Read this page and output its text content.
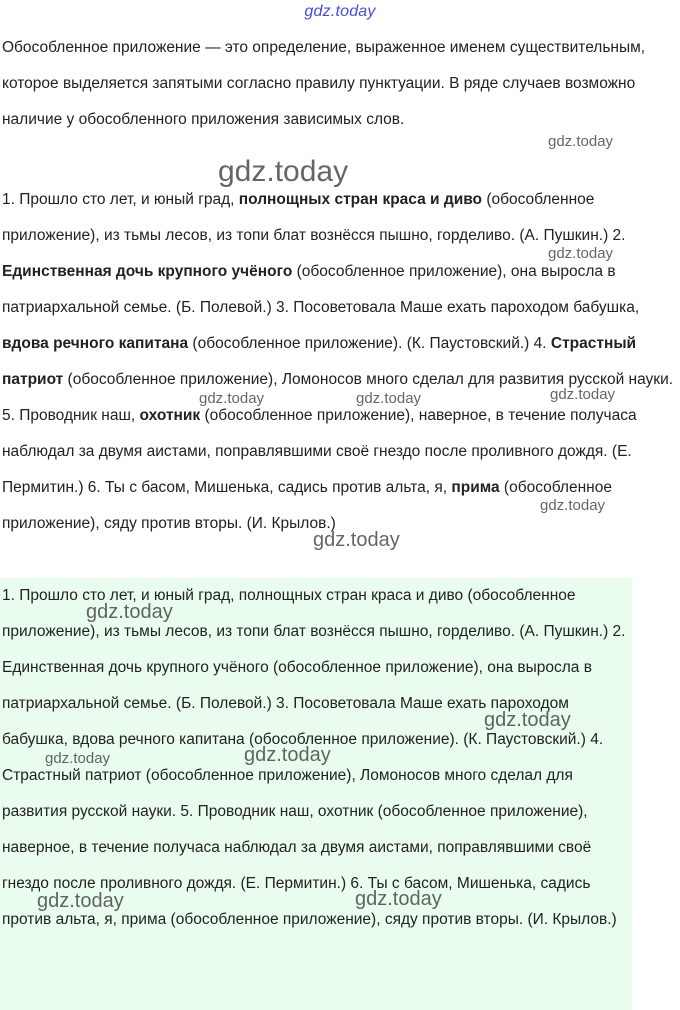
gdz.today

Обособленное приложение — это определение, выраженное именем существительным, которое выделяется запятыми согласно правилу пунктуации. В ряде случаев возможно наличие у обособленного приложения зависимых слов.

1. Прошло сто лет, и юный град, полнощных стран краса и диво (обособленное приложение), из тьмы лесов, из топи блат вознёсся пышно, горделиво. (А. Пушкин.) 2. Единственная дочь крупного учёного (обособленное приложение), она выросла в патриархальной семье. (Б. Полевой.) 3. Посоветовала Маше ехать пароходом бабушка, вдова речного капитана (обособленное приложение). (К. Паустовский.) 4. Страстный патриот (обособленное приложение), Ломоносов много сделал для развития русской науки. 5. Проводник наш, охотник (обособленное приложение), наверное, в течение получаса наблюдал за двумя аистами, поправлявшими своё гнездо после проливного дождя. (Е. Пермитин.) 6. Ты с басом, Мишенька, садись против альта, я, прима (обособленное приложение), сяду против вторы. (И. Крылов.)

1. Прошло сто лет, и юный град, полнощных стран краса и диво (обособленное приложение), из тьмы лесов, из топи блат вознёсся пышно, горделиво. (А. Пушкин.) 2. Единственная дочь крупного учёного (обособленное приложение), она выросла в патриархальной семье. (Б. Полевой.) 3. Посоветовала Маше ехать пароходом бабушка, вдова речного капитана (обособленное приложение). (К. Паустовский.) 4. Страстный патриот (обособленное приложение), Ломоносов много сделал для развития русской науки. 5. Проводник наш, охотник (обособленное приложение), наверное, в течение получаса наблюдал за двумя аистами, поправлявшими своё гнездо после проливного дождя. (Е. Пермитин.) 6. Ты с басом, Мишенька, садись против альта, я, прима (обособленное приложение), сяду против вторы. (И. Крылов.)

gdz.today
gdz.today
gdz.today
gdz.today	gdz.today	gdz.today
gdz.today
gdz.today
gdz.today
gdz.today
gdz.today	gdz.today
gdz.today	gdz.today
